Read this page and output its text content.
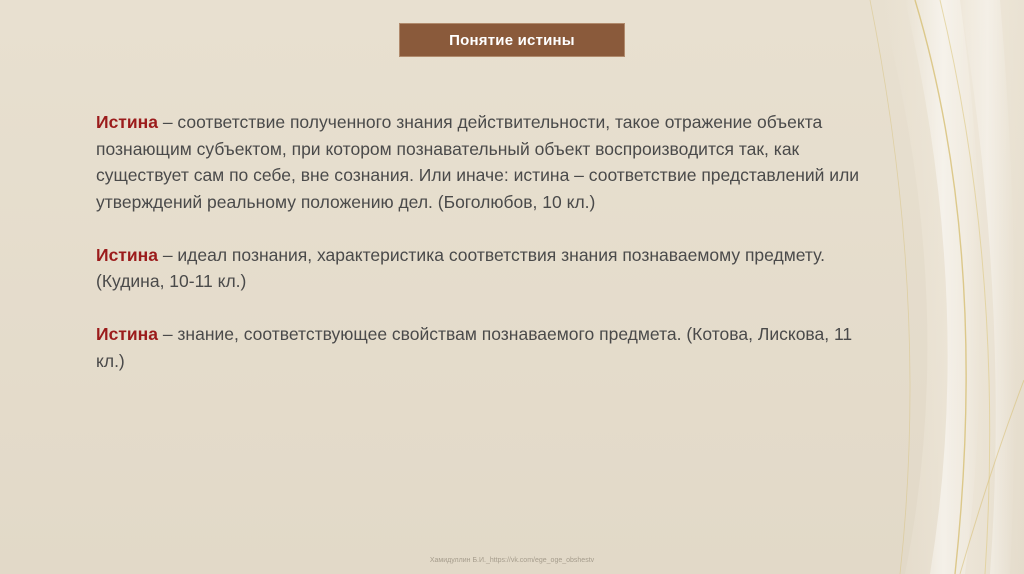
Понятие истины

Истина – соответствие полученного знания действительности, такое отражение объекта познающим субъектом, при котором познавательный объект воспроизводится так, как существует сам по себе, вне сознания. Или иначе: истина – соответствие представлений или утверждений реальному положению дел. (Боголюбов, 10 кл.)

Истина – идеал познания, характеристика соответствия знания познаваемому предмету. (Кудина, 10-11 кл.)

Истина – знание, соответствующее свойствам познаваемого предмета. (Котова, Лискова, 11 кл.)

Хамидуллин Б.И._https://vk.com/ege_oge_obshestv
